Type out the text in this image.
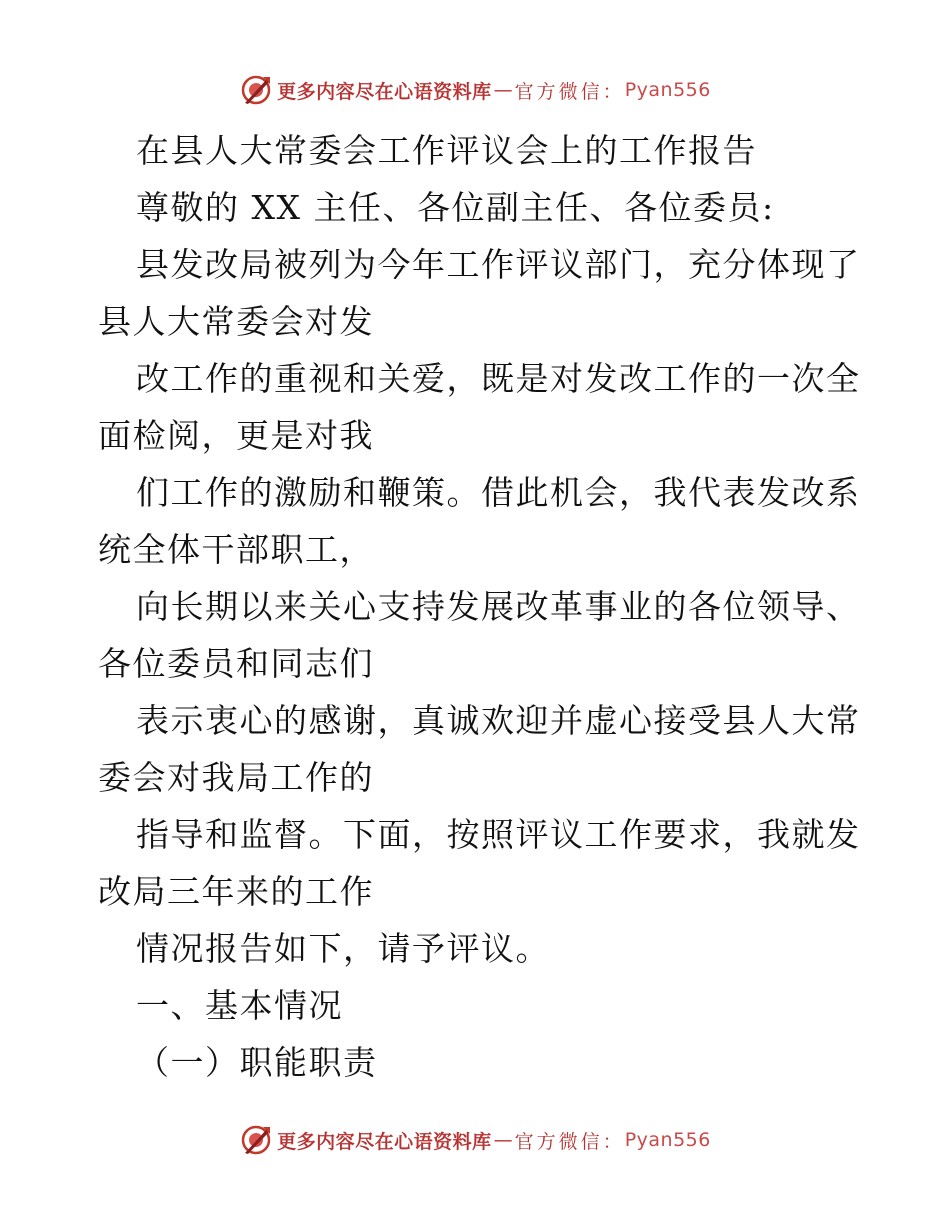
更多内容尽在心语资料库 — 官方微信： Pyan556
在县人大常委会工作评议会上的工作报告
尊敬的 XX 主任、各位副主任、各位委员:
县发改局被列为今年工作评议部门，充分体现了
县人大常委会对发
改工作的重视和关爱，既是对发改工作的一次全
面检阅，更是对我
们工作的激励和鞭策。借此机会，我代表发改系
统全体干部职工，
向长期以来关心支持发展改革事业的各位领导、
各位委员和同志们
表示衷心的感谢，真诚欢迎并虚心接受县人大常
委会对我局工作的
指导和监督。下面，按照评议工作要求，我就发
改局三年来的工作
情况报告如下，请予评议。
一、基本情况
（一）职能职责
更多内容尽在心语资料库 — 官方微信： Pyan556
